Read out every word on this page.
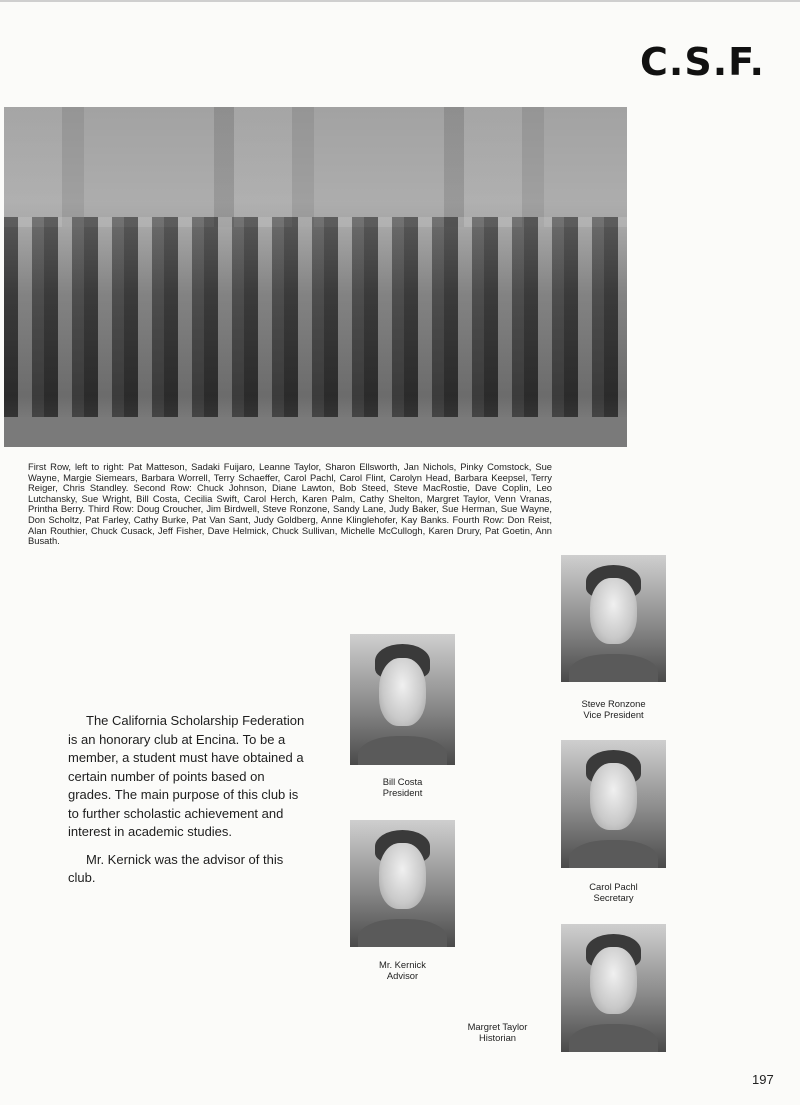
C.S.F.
First Row, left to right: Pat Matteson, Sadaki Fuijaro, Leanne Taylor, Sharon Ellsworth, Jan Nichols, Pinky Comstock, Sue Wayne, Margie Siemears, Barbara Worrell, Terry Schaeffer, Carol Pachl, Carol Flint, Carolyn Head, Barbara Keepsel, Terry Reiger, Chris Standley. Second Row: Chuck Johnson, Diane Lawton, Bob Steed, Steve MacRostie, Dave Coplin, Leo Lutchansky, Sue Wright, Bill Costa, Cecilia Swift, Carol Herch, Karen Palm, Cathy Shelton, Margret Taylor, Venn Vranas, Printha Berry. Third Row: Doug Croucher, Jim Birdwell, Steve Ronzone, Sandy Lane, Judy Baker, Sue Herman, Sue Wayne, Don Scholtz, Pat Farley, Cathy Burke, Pat Van Sant, Judy Goldberg, Anne Klinglehofer, Kay Banks. Fourth Row: Don Reist, Alan Routhier, Chuck Cusack, Jeff Fisher, Dave Helmick, Chuck Sullivan, Michelle McCullogh, Karen Drury, Pat Goetin, Ann Busath.

The California Scholarship Federation is an honorary club at Encina. To be a member, a student must have obtained a certain number of points based on grades. The main purpose of this club is to further scholastic achievement and interest in academic studies.

Mr. Kernick was the advisor of this club.

Steve Ronzone
Vice President
Bill Costa
President
Carol Pachl
Secretary
Mr. Kernick
Advisor
Margret Taylor
Historian
197
